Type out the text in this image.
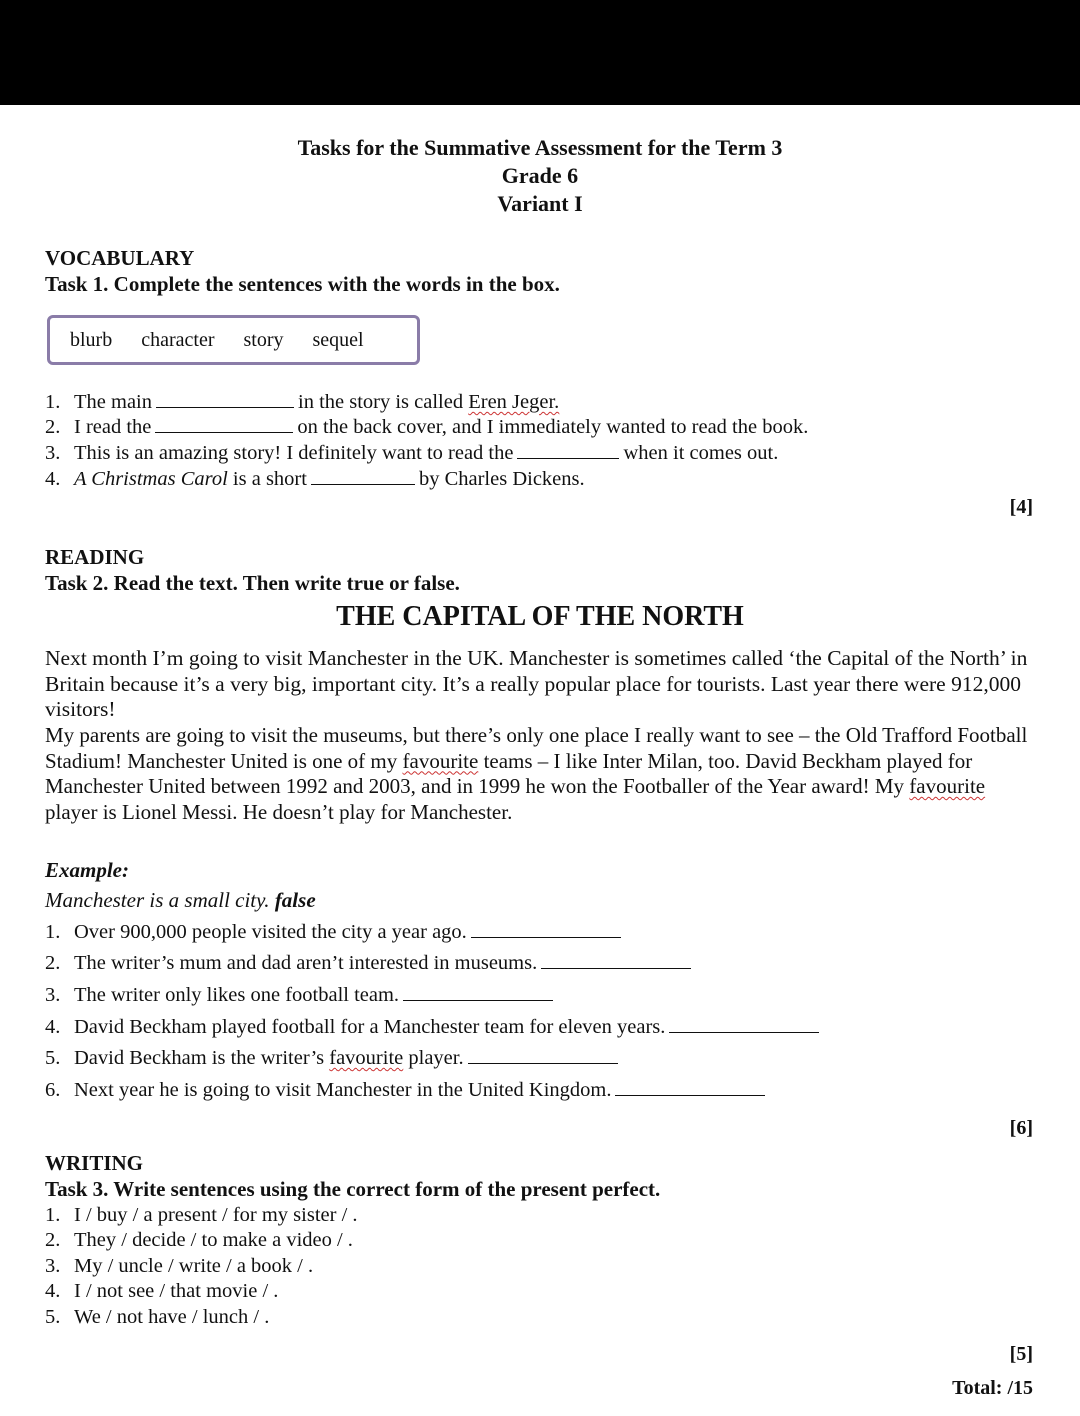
Tasks for the Summative Assessment for the Term 3
Grade 6
Variant I
VOCABULARY
Task 1. Complete the sentences with the words in the box.
blurb character story sequel
1. The main	in the story is called Eren Jeger.
2. I read the	on the back cover, and I immediately wanted to read the book.
3. This is an amazing story! I definitely want to read the	when it comes out.
4. A Christmas Carol is a short	by Charles Dickens.
[4]
READING
Task 2. Read the text. Then write true or false.
THE CAPITAL OF THE NORTH
Next month I’m going to visit Manchester in the UK. Manchester is sometimes called ‘the Capital of the North’ in Britain because it’s a very big, important city. It’s a really popular place for tourists. Last year there were 912,000 visitors!
My parents are going to visit the museums, but there’s only one place I really want to see – the Old Trafford Football Stadium! Manchester United is one of my favourite teams – I like Inter Milan, too. David Beckham played for Manchester United between 1992 and 2003, and in 1999 he won the Footballer of the Year award! My favourite player is Lionel Messi. He doesn’t play for Manchester.
Example:
Manchester is a small city. false
1. Over 900,000 people visited the city a year ago.
2. The writer’s mum and dad aren’t interested in museums.
3. The writer only likes one football team.
4. David Beckham played football for a Manchester team for eleven years.
5. David Beckham is the writer’s favourite player.
6. Next year he is going to visit Manchester in the United Kingdom.
[6]
WRITING
Task 3. Write sentences using the correct form of the present perfect.
1. I / buy / a present / for my sister / .
2. They / decide / to make a video / .
3. My / uncle / write / a book / .
4. I / not see / that movie / .
5. We / not have / lunch / .
[5]
Total: /15
